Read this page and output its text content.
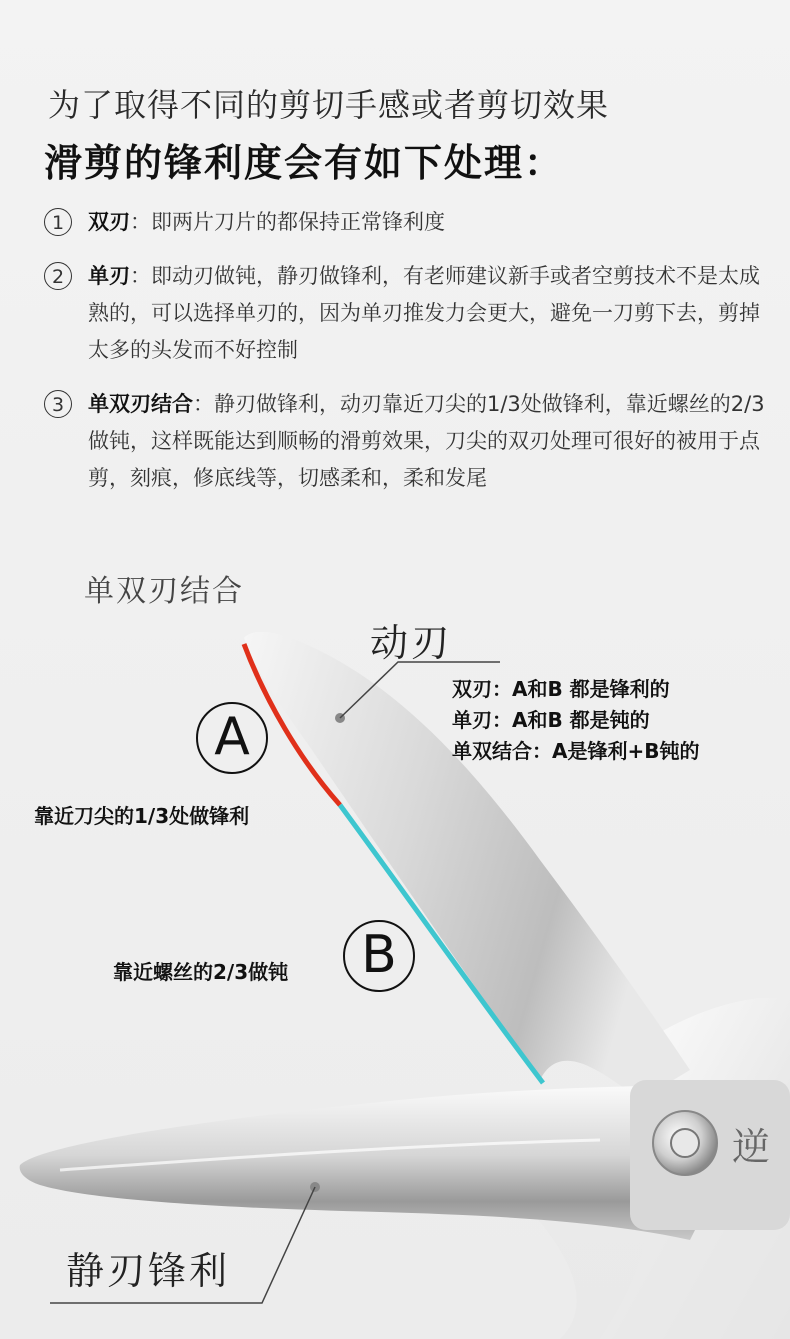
为了取得不同的剪切手感或者剪切效果
滑剪的锋利度会有如下处理：
1	双刃：即两片刀片的都保持正常锋利度
2	单刃：即动刃做钝，静刃做锋利，有老师建议新手或者空剪技术不是太成熟的，可以选择单刃的，因为单刃推发力会更大，避免一刀剪下去，剪掉太多的头发而不好控制
3	单双刃结合：静刃做锋利，动刃靠近刀尖的1/3处做锋利，靠近螺丝的2/3做钝，这样既能达到顺畅的滑剪效果，刀尖的双刃处理可很好的被用于点剪，刻痕，修底线等，切感柔和，柔和发尾
单双刃结合
逆
动刃
静刃锋利
A
B
靠近刀尖的1/3处做锋利
靠近螺丝的2/3做钝
双刃：A和B 都是锋利的
单刃：A和B 都是钝的
单双结合：A是锋利+B钝的
